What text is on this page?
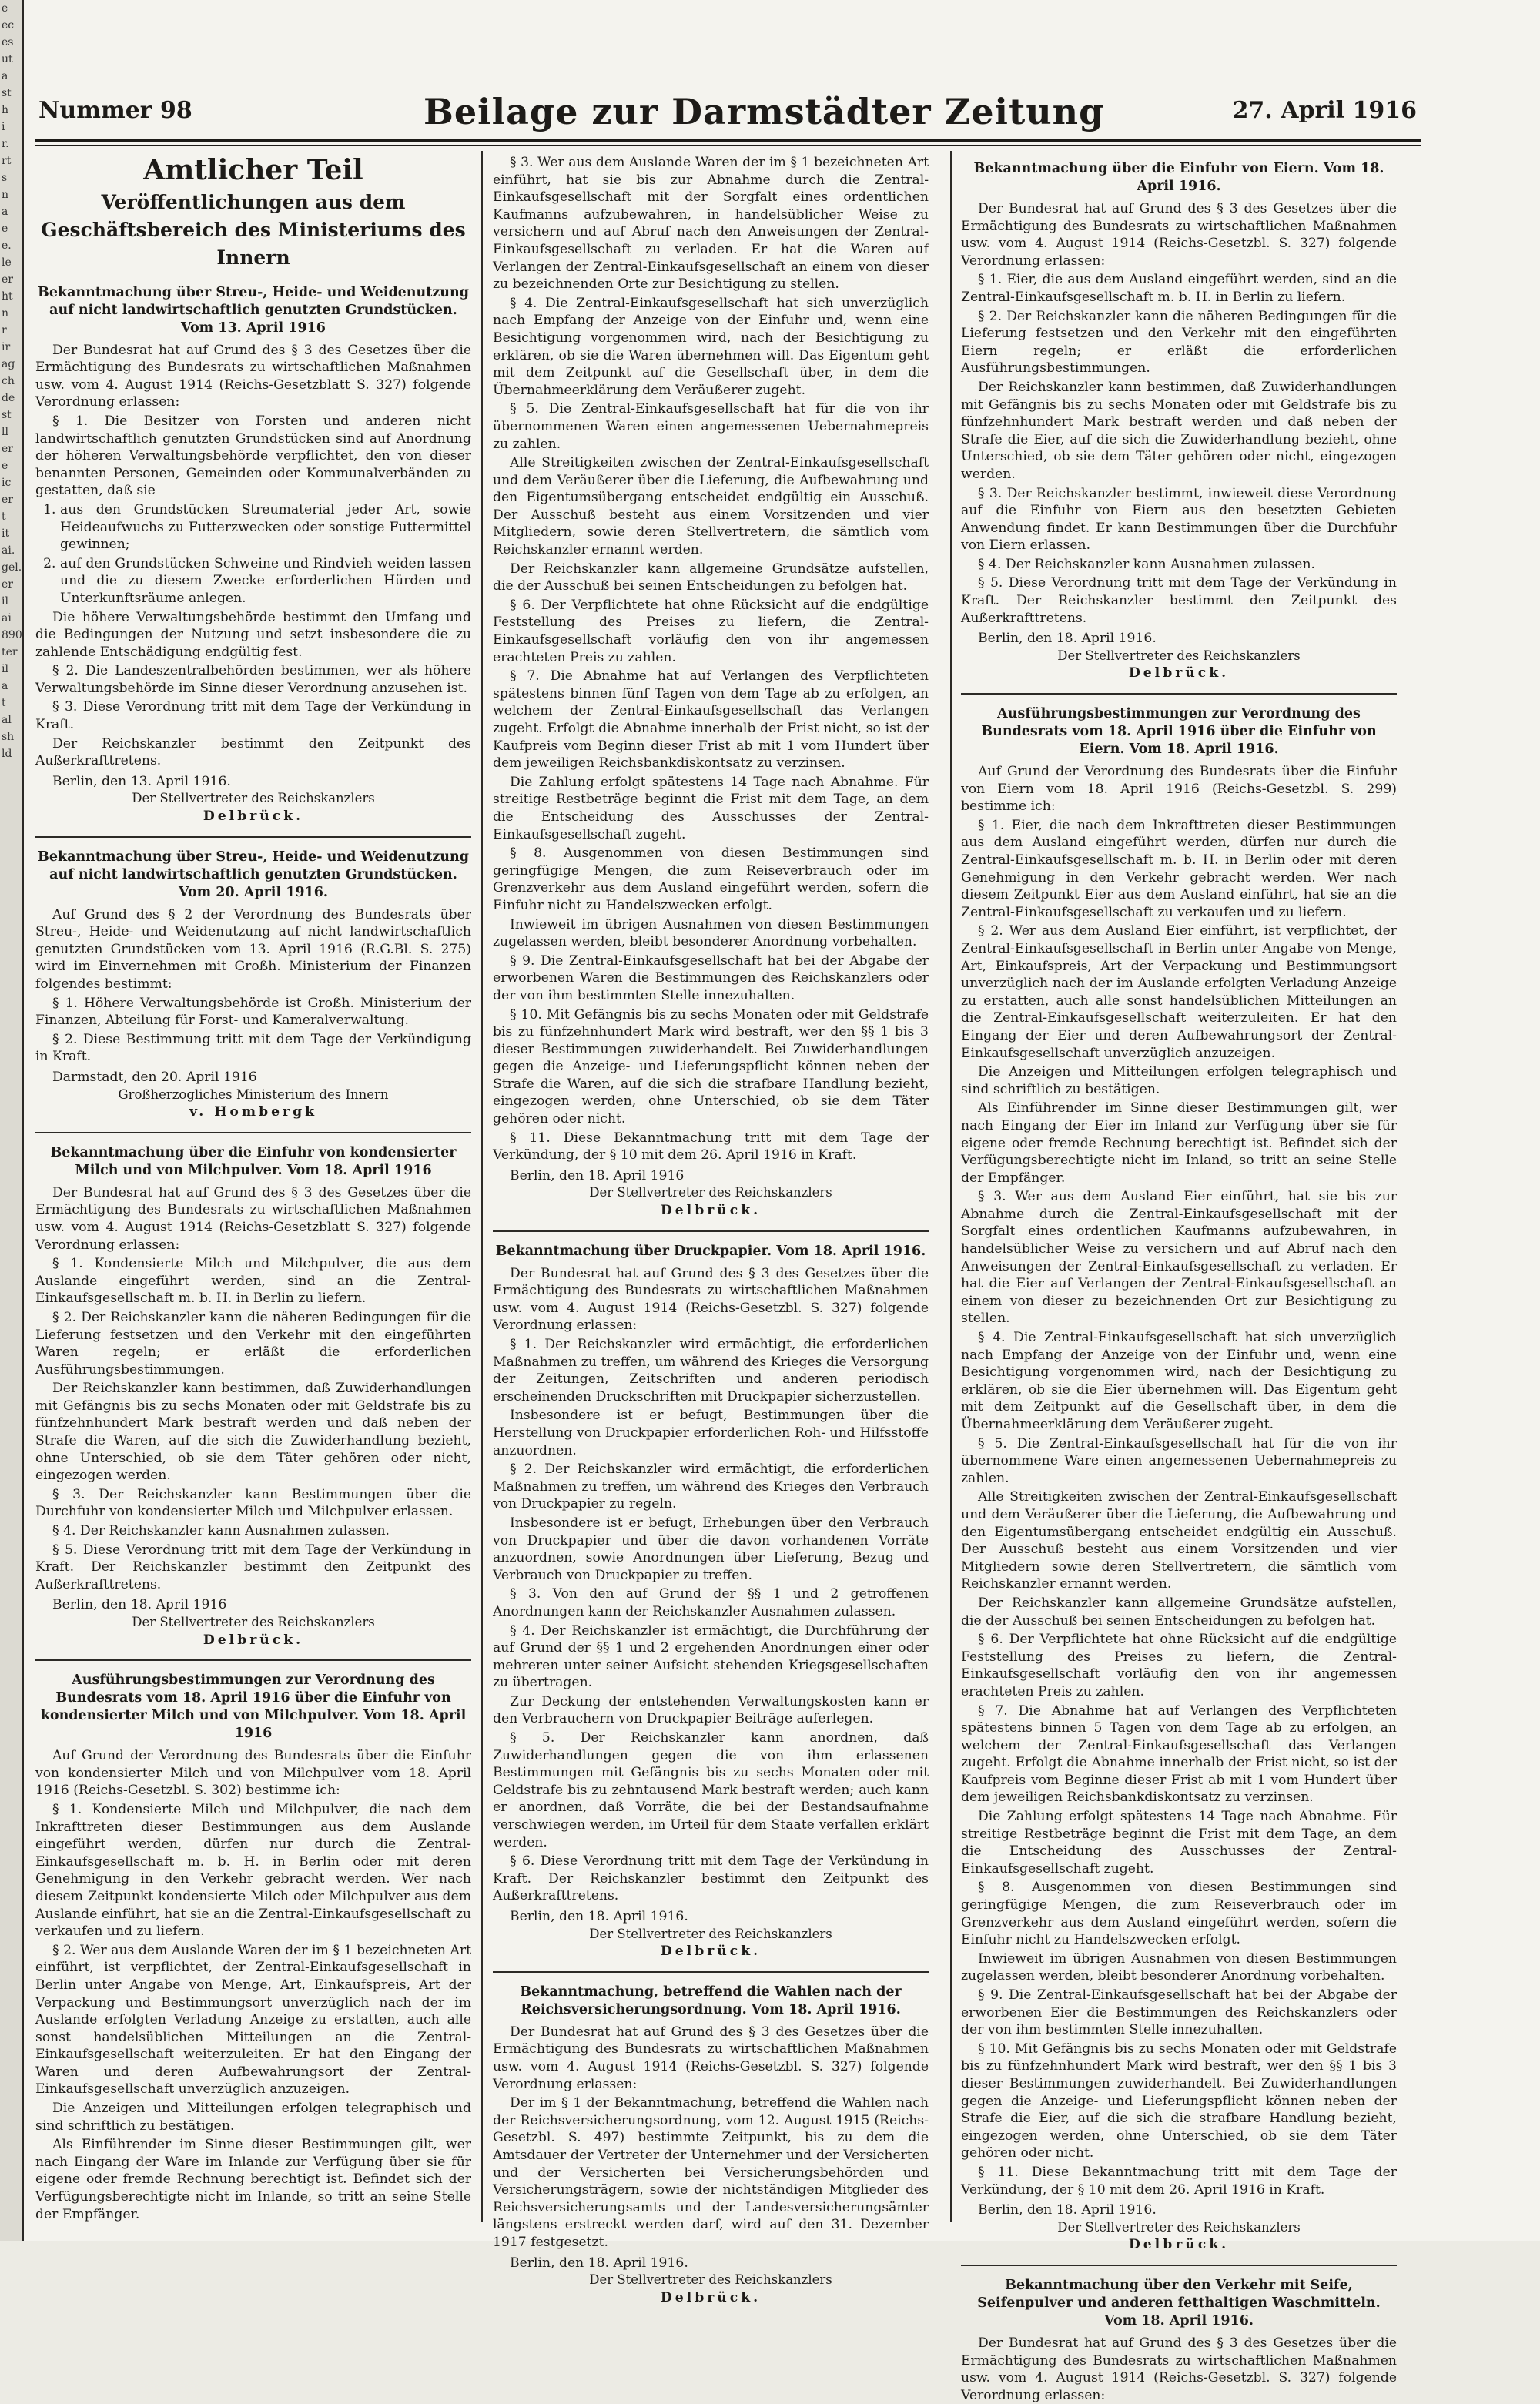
e
ec
es
ut
a
st
h
i
r.
rt
s
n
a
e
e.
le
er
ht
n
r
ir
ag
ch
de
st
ll
er
e
ic
er
t
it
ai.
gel.
er
il
ai
890
ter
il
a
t
al
sh
ld
Nummer 98	Beilage zur Darmstädter Zeitung	27. April 1916
Amtlicher Teil
Veröffentlichungen aus dem Geschäftsbereich des Ministeriums des Innern
Bekanntmachung über Streu-, Heide- und Weidenutzung auf nicht landwirtschaftlich genutzten Grundstücken. Vom 13. April 1916

Der Bundesrat hat auf Grund des § 3 des Gesetzes über die Ermächtigung des Bundesrats zu wirtschaftlichen Maßnahmen usw. vom 4. August 1914 (Reichs-Gesetzblatt S. 327) folgende Verordnung erlassen:

§ 1. Die Besitzer von Forsten und anderen nicht landwirtschaftlich genutzten Grundstücken sind auf Anordnung der höheren Verwaltungsbehörde verpflichtet, den von dieser benannten Personen, Gemeinden oder Kommunalverbänden zu gestatten, daß sie

1. aus den Grundstücken Streumaterial jeder Art, sowie Heideaufwuchs zu Futterzwecken oder sonstige Futtermittel gewinnen;
2. auf den Grundstücken Schweine und Rindvieh weiden lassen und die zu diesem Zwecke erforderlichen Hürden und Unterkunftsräume anlegen.

Die höhere Verwaltungsbehörde bestimmt den Umfang und die Bedingungen der Nutzung und setzt insbesondere die zu zahlende Entschädigung endgültig fest.

§ 2. Die Landeszentralbehörden bestimmen, wer als höhere Verwaltungsbehörde im Sinne dieser Verordnung anzusehen ist.

§ 3. Diese Verordnung tritt mit dem Tage der Verkündung in Kraft.

Der Reichskanzler bestimmt den Zeitpunkt des Außerkrafttretens.

Berlin, den 13. April 1916.

Der Stellvertreter des Reichskanzlers

Delbrück.

Bekanntmachung über Streu-, Heide- und Weidenutzung auf nicht landwirtschaftlich genutzten Grundstücken. Vom 20. April 1916.

Auf Grund des § 2 der Verordnung des Bundesrats über Streu-, Heide- und Weidenutzung auf nicht landwirtschaftlich genutzten Grundstücken vom 13. April 1916 (R.G.Bl. S. 275) wird im Einvernehmen mit Großh. Ministerium der Finanzen folgendes bestimmt:

§ 1. Höhere Verwaltungsbehörde ist Großh. Ministerium der Finanzen, Abteilung für Forst- und Kameralverwaltung.

§ 2. Diese Bestimmung tritt mit dem Tage der Verkündigung in Kraft.

Darmstadt, den 20. April 1916

Großherzogliches Ministerium des Innern

v. Hombergk

Bekanntmachung über die Einfuhr von kondensierter Milch und von Milchpulver. Vom 18. April 1916

Der Bundesrat hat auf Grund des § 3 des Gesetzes über die Ermächtigung des Bundesrats zu wirtschaftlichen Maßnahmen usw. vom 4. August 1914 (Reichs-Gesetzblatt S. 327) folgende Verordnung erlassen:

§ 1. Kondensierte Milch und Milchpulver, die aus dem Auslande eingeführt werden, sind an die Zentral-Einkaufsgesellschaft m. b. H. in Berlin zu liefern.

§ 2. Der Reichskanzler kann die näheren Bedingungen für die Lieferung festsetzen und den Verkehr mit den eingeführten Waren regeln; er erläßt die erforderlichen Ausführungsbestimmungen.

Der Reichskanzler kann bestimmen, daß Zuwiderhandlungen mit Gefängnis bis zu sechs Monaten oder mit Geldstrafe bis zu fünfzehnhundert Mark bestraft werden und daß neben der Strafe die Waren, auf die sich die Zuwiderhandlung bezieht, ohne Unterschied, ob sie dem Täter gehören oder nicht, eingezogen werden.

§ 3. Der Reichskanzler kann Bestimmungen über die Durchfuhr von kondensierter Milch und Milchpulver erlassen.

§ 4. Der Reichskanzler kann Ausnahmen zulassen.

§ 5. Diese Verordnung tritt mit dem Tage der Verkündung in Kraft. Der Reichskanzler bestimmt den Zeitpunkt des Außerkrafttretens.

Berlin, den 18. April 1916

Der Stellvertreter des Reichskanzlers

Delbrück.

Ausführungsbestimmungen zur Verordnung des Bundesrats vom 18. April 1916 über die Einfuhr von kondensierter Milch und von Milchpulver. Vom 18. April 1916

Auf Grund der Verordnung des Bundesrats über die Einfuhr von kondensierter Milch und von Milchpulver vom 18. April 1916 (Reichs-Gesetzbl. S. 302) bestimme ich:

§ 1. Kondensierte Milch und Milchpulver, die nach dem Inkrafttreten dieser Bestimmungen aus dem Auslande eingeführt werden, dürfen nur durch die Zentral-Einkaufsgesellschaft m. b. H. in Berlin oder mit deren Genehmigung in den Verkehr gebracht werden. Wer nach diesem Zeitpunkt kondensierte Milch oder Milchpulver aus dem Auslande einführt, hat sie an die Zentral-Einkaufsgesellschaft zu verkaufen und zu liefern.

§ 2. Wer aus dem Auslande Waren der im § 1 bezeichneten Art einführt, ist verpflichtet, der Zentral-Einkaufsgesellschaft in Berlin unter Angabe von Menge, Art, Einkaufspreis, Art der Verpackung und Bestimmungsort unverzüglich nach der im Auslande erfolgten Verladung Anzeige zu erstatten, auch alle sonst handelsüblichen Mitteilungen an die Zentral-Einkaufsgesellschaft weiterzuleiten. Er hat den Eingang der Waren und deren Aufbewahrungsort der Zentral-Einkaufsgesellschaft unverzüglich anzuzeigen.

Die Anzeigen und Mitteilungen erfolgen telegraphisch und sind schriftlich zu bestätigen.

Als Einführender im Sinne dieser Bestimmungen gilt, wer nach Eingang der Ware im Inlande zur Verfügung über sie für eigene oder fremde Rechnung berechtigt ist. Befindet sich der Verfügungsberechtigte nicht im Inlande, so tritt an seine Stelle der Empfänger.

§ 3. Wer aus dem Auslande Waren der im § 1 bezeichneten Art einführt, hat sie bis zur Abnahme durch die Zentral-Einkaufsgesellschaft mit der Sorgfalt eines ordentlichen Kaufmanns aufzubewahren, in handelsüblicher Weise zu versichern und auf Abruf nach den Anweisungen der Zentral-Einkaufsgesellschaft zu verladen. Er hat die Waren auf Verlangen der Zentral-Einkaufsgesellschaft an einem von dieser zu bezeichnenden Orte zur Besichtigung zu stellen.

§ 4. Die Zentral-Einkaufsgesellschaft hat sich unverzüglich nach Empfang der Anzeige von der Einfuhr und, wenn eine Besichtigung vorgenommen wird, nach der Besichtigung zu erklären, ob sie die Waren übernehmen will. Das Eigentum geht mit dem Zeitpunkt auf die Gesellschaft über, in dem die Übernahmeerklärung dem Veräußerer zugeht.

§ 5. Die Zentral-Einkaufsgesellschaft hat für die von ihr übernommenen Waren einen angemessenen Uebernahmepreis zu zahlen.

Alle Streitigkeiten zwischen der Zentral-Einkaufsgesellschaft und dem Veräußerer über die Lieferung, die Aufbewahrung und den Eigentumsübergang entscheidet endgültig ein Ausschuß. Der Ausschuß besteht aus einem Vorsitzenden und vier Mitgliedern, sowie deren Stellvertretern, die sämtlich vom Reichskanzler ernannt werden.

Der Reichskanzler kann allgemeine Grundsätze aufstellen, die der Ausschuß bei seinen Entscheidungen zu befolgen hat.

§ 6. Der Verpflichtete hat ohne Rücksicht auf die endgültige Feststellung des Preises zu liefern, die Zentral-Einkaufsgesellschaft vorläufig den von ihr angemessen erachteten Preis zu zahlen.

§ 7. Die Abnahme hat auf Verlangen des Verpflichteten spätestens binnen fünf Tagen von dem Tage ab zu erfolgen, an welchem der Zentral-Einkaufsgesellschaft das Verlangen zugeht. Erfolgt die Abnahme innerhalb der Frist nicht, so ist der Kaufpreis vom Beginn dieser Frist ab mit 1 vom Hundert über dem jeweiligen Reichsbankdiskontsatz zu verzinsen.

Die Zahlung erfolgt spätestens 14 Tage nach Abnahme. Für streitige Restbeträge beginnt die Frist mit dem Tage, an dem die Entscheidung des Ausschusses der Zentral-Einkaufsgesellschaft zugeht.

§ 8. Ausgenommen von diesen Bestimmungen sind geringfügige Mengen, die zum Reiseverbrauch oder im Grenzverkehr aus dem Ausland eingeführt werden, sofern die Einfuhr nicht zu Handelszwecken erfolgt.

Inwieweit im übrigen Ausnahmen von diesen Bestimmungen zugelassen werden, bleibt besonderer Anordnung vorbehalten.

§ 9. Die Zentral-Einkaufsgesellschaft hat bei der Abgabe der erworbenen Waren die Bestimmungen des Reichskanzlers oder der von ihm bestimmten Stelle innezuhalten.

§ 10. Mit Gefängnis bis zu sechs Monaten oder mit Geldstrafe bis zu fünfzehnhundert Mark wird bestraft, wer den §§ 1 bis 3 dieser Bestimmungen zuwiderhandelt. Bei Zuwiderhandlungen gegen die Anzeige- und Lieferungspflicht können neben der Strafe die Waren, auf die sich die strafbare Handlung bezieht, eingezogen werden, ohne Unterschied, ob sie dem Täter gehören oder nicht.

§ 11. Diese Bekanntmachung tritt mit dem Tage der Verkündung, der § 10 mit dem 26. April 1916 in Kraft.

Berlin, den 18. April 1916

Der Stellvertreter des Reichskanzlers

Delbrück.

Bekanntmachung über Druckpapier. Vom 18. April 1916.

Der Bundesrat hat auf Grund des § 3 des Gesetzes über die Ermächtigung des Bundesrats zu wirtschaftlichen Maßnahmen usw. vom 4. August 1914 (Reichs-Gesetzbl. S. 327) folgende Verordnung erlassen:

§ 1. Der Reichskanzler wird ermächtigt, die erforderlichen Maßnahmen zu treffen, um während des Krieges die Versorgung der Zeitungen, Zeitschriften und anderen periodisch erscheinenden Druckschriften mit Druckpapier sicherzustellen.

Insbesondere ist er befugt, Bestimmungen über die Herstellung von Druckpapier erforderlichen Roh- und Hilfsstoffe anzuordnen.

§ 2. Der Reichskanzler wird ermächtigt, die erforderlichen Maßnahmen zu treffen, um während des Krieges den Verbrauch von Druckpapier zu regeln.

Insbesondere ist er befugt, Erhebungen über den Verbrauch von Druckpapier und über die davon vorhandenen Vorräte anzuordnen, sowie Anordnungen über Lieferung, Bezug und Verbrauch von Druckpapier zu treffen.

§ 3. Von den auf Grund der §§ 1 und 2 getroffenen Anordnungen kann der Reichskanzler Ausnahmen zulassen.

§ 4. Der Reichskanzler ist ermächtigt, die Durchführung der auf Grund der §§ 1 und 2 ergehenden Anordnungen einer oder mehreren unter seiner Aufsicht stehenden Kriegsgesellschaften zu übertragen.

Zur Deckung der entstehenden Verwaltungskosten kann er den Verbrauchern von Druckpapier Beiträge auferlegen.

§ 5. Der Reichskanzler kann anordnen, daß Zuwiderhandlungen gegen die von ihm erlassenen Bestimmungen mit Gefängnis bis zu sechs Monaten oder mit Geldstrafe bis zu zehntausend Mark bestraft werden; auch kann er anordnen, daß Vorräte, die bei der Bestandsaufnahme verschwiegen werden, im Urteil für dem Staate verfallen erklärt werden.

§ 6. Diese Verordnung tritt mit dem Tage der Verkündung in Kraft. Der Reichskanzler bestimmt den Zeitpunkt des Außerkrafttretens.

Berlin, den 18. April 1916.

Der Stellvertreter des Reichskanzlers

Delbrück.

Bekanntmachung, betreffend die Wahlen nach der Reichsversicherungsordnung. Vom 18. April 1916.

Der Bundesrat hat auf Grund des § 3 des Gesetzes über die Ermächtigung des Bundesrats zu wirtschaftlichen Maßnahmen usw. vom 4. August 1914 (Reichs-Gesetzbl. S. 327) folgende Verordnung erlassen:

Der im § 1 der Bekanntmachung, betreffend die Wahlen nach der Reichsversicherungsordnung, vom 12. August 1915 (Reichs-Gesetzbl. S. 497) bestimmte Zeitpunkt, bis zu dem die Amtsdauer der Vertreter der Unternehmer und der Versicherten und der Versicherten bei Versicherungsbehörden und Versicherungsträgern, sowie der nichtständigen Mitglieder des Reichsversicherungsamts und der Landesversicherungsämter längstens erstreckt werden darf, wird auf den 31. Dezember 1917 festgesetzt.

Berlin, den 18. April 1916.

Der Stellvertreter des Reichskanzlers

Delbrück.

Bekanntmachung über die Einfuhr von Eiern. Vom 18. April 1916.

Der Bundesrat hat auf Grund des § 3 des Gesetzes über die Ermächtigung des Bundesrats zu wirtschaftlichen Maßnahmen usw. vom 4. August 1914 (Reichs-Gesetzbl. S. 327) folgende Verordnung erlassen:

§ 1. Eier, die aus dem Ausland eingeführt werden, sind an die Zentral-Einkaufsgesellschaft m. b. H. in Berlin zu liefern.

§ 2. Der Reichskanzler kann die näheren Bedingungen für die Lieferung festsetzen und den Verkehr mit den eingeführten Eiern regeln; er erläßt die erforderlichen Ausführungsbestimmungen.

Der Reichskanzler kann bestimmen, daß Zuwiderhandlungen mit Gefängnis bis zu sechs Monaten oder mit Geldstrafe bis zu fünfzehnhundert Mark bestraft werden und daß neben der Strafe die Eier, auf die sich die Zuwiderhandlung bezieht, ohne Unterschied, ob sie dem Täter gehören oder nicht, eingezogen werden.

§ 3. Der Reichskanzler bestimmt, inwieweit diese Verordnung auf die Einfuhr von Eiern aus den besetzten Gebieten Anwendung findet. Er kann Bestimmungen über die Durchfuhr von Eiern erlassen.

§ 4. Der Reichskanzler kann Ausnahmen zulassen.

§ 5. Diese Verordnung tritt mit dem Tage der Verkündung in Kraft. Der Reichskanzler bestimmt den Zeitpunkt des Außerkrafttretens.

Berlin, den 18. April 1916.

Der Stellvertreter des Reichskanzlers

Delbrück.

Ausführungsbestimmungen zur Verordnung des Bundesrats vom 18. April 1916 über die Einfuhr von Eiern. Vom 18. April 1916.

Auf Grund der Verordnung des Bundesrats über die Einfuhr von Eiern vom 18. April 1916 (Reichs-Gesetzbl. S. 299) bestimme ich:

§ 1. Eier, die nach dem Inkrafttreten dieser Bestimmungen aus dem Ausland eingeführt werden, dürfen nur durch die Zentral-Einkaufsgesellschaft m. b. H. in Berlin oder mit deren Genehmigung in den Verkehr gebracht werden. Wer nach diesem Zeitpunkt Eier aus dem Ausland einführt, hat sie an die Zentral-Einkaufsgesellschaft zu verkaufen und zu liefern.

§ 2. Wer aus dem Ausland Eier einführt, ist verpflichtet, der Zentral-Einkaufsgesellschaft in Berlin unter Angabe von Menge, Art, Einkaufspreis, Art der Verpackung und Bestimmungsort unverzüglich nach der im Auslande erfolgten Verladung Anzeige zu erstatten, auch alle sonst handelsüblichen Mitteilungen an die Zentral-Einkaufsgesellschaft weiterzuleiten. Er hat den Eingang der Eier und deren Aufbewahrungsort der Zentral-Einkaufsgesellschaft unverzüglich anzuzeigen.

Die Anzeigen und Mitteilungen erfolgen telegraphisch und sind schriftlich zu bestätigen.

Als Einführender im Sinne dieser Bestimmungen gilt, wer nach Eingang der Eier im Inland zur Verfügung über sie für eigene oder fremde Rechnung berechtigt ist. Befindet sich der Verfügungsberechtigte nicht im Inland, so tritt an seine Stelle der Empfänger.

§ 3. Wer aus dem Ausland Eier einführt, hat sie bis zur Abnahme durch die Zentral-Einkaufsgesellschaft mit der Sorgfalt eines ordentlichen Kaufmanns aufzubewahren, in handelsüblicher Weise zu versichern und auf Abruf nach den Anweisungen der Zentral-Einkaufsgesellschaft zu verladen. Er hat die Eier auf Verlangen der Zentral-Einkaufsgesellschaft an einem von dieser zu bezeichnenden Ort zur Besichtigung zu stellen.

§ 4. Die Zentral-Einkaufsgesellschaft hat sich unverzüglich nach Empfang der Anzeige von der Einfuhr und, wenn eine Besichtigung vorgenommen wird, nach der Besichtigung zu erklären, ob sie die Eier übernehmen will. Das Eigentum geht mit dem Zeitpunkt auf die Gesellschaft über, in dem die Übernahmeerklärung dem Veräußerer zugeht.

§ 5. Die Zentral-Einkaufsgesellschaft hat für die von ihr übernommene Ware einen angemessenen Uebernahmepreis zu zahlen.

Alle Streitigkeiten zwischen der Zentral-Einkaufsgesellschaft und dem Veräußerer über die Lieferung, die Aufbewahrung und den Eigentumsübergang entscheidet endgültig ein Ausschuß. Der Ausschuß besteht aus einem Vorsitzenden und vier Mitgliedern sowie deren Stellvertretern, die sämtlich vom Reichskanzler ernannt werden.

Der Reichskanzler kann allgemeine Grundsätze aufstellen, die der Ausschuß bei seinen Entscheidungen zu befolgen hat.

§ 6. Der Verpflichtete hat ohne Rücksicht auf die endgültige Feststellung des Preises zu liefern, die Zentral-Einkaufsgesellschaft vorläufig den von ihr angemessen erachteten Preis zu zahlen.

§ 7. Die Abnahme hat auf Verlangen des Verpflichteten spätestens binnen 5 Tagen von dem Tage ab zu erfolgen, an welchem der Zentral-Einkaufsgesellschaft das Verlangen zugeht. Erfolgt die Abnahme innerhalb der Frist nicht, so ist der Kaufpreis vom Beginne dieser Frist ab mit 1 vom Hundert über dem jeweiligen Reichsbankdiskontsatz zu verzinsen.

Die Zahlung erfolgt spätestens 14 Tage nach Abnahme. Für streitige Restbeträge beginnt die Frist mit dem Tage, an dem die Entscheidung des Ausschusses der Zentral-Einkaufsgesellschaft zugeht.

§ 8. Ausgenommen von diesen Bestimmungen sind geringfügige Mengen, die zum Reiseverbrauch oder im Grenzverkehr aus dem Ausland eingeführt werden, sofern die Einfuhr nicht zu Handelszwecken erfolgt.

Inwieweit im übrigen Ausnahmen von diesen Bestimmungen zugelassen werden, bleibt besonderer Anordnung vorbehalten.

§ 9. Die Zentral-Einkaufsgesellschaft hat bei der Abgabe der erworbenen Eier die Bestimmungen des Reichskanzlers oder der von ihm bestimmten Stelle innezuhalten.

§ 10. Mit Gefängnis bis zu sechs Monaten oder mit Geldstrafe bis zu fünfzehnhundert Mark wird bestraft, wer den §§ 1 bis 3 dieser Bestimmungen zuwiderhandelt. Bei Zuwiderhandlungen gegen die Anzeige- und Lieferungspflicht können neben der Strafe die Eier, auf die sich die strafbare Handlung bezieht, eingezogen werden, ohne Unterschied, ob sie dem Täter gehören oder nicht.

§ 11. Diese Bekanntmachung tritt mit dem Tage der Verkündung, der § 10 mit dem 26. April 1916 in Kraft.

Berlin, den 18. April 1916.

Der Stellvertreter des Reichskanzlers

Delbrück.

Bekanntmachung über den Verkehr mit Seife, Seifenpulver und anderen fetthaltigen Waschmitteln. Vom 18. April 1916.

Der Bundesrat hat auf Grund des § 3 des Gesetzes über die Ermächtigung des Bundesrats zu wirtschaftlichen Maßnahmen usw. vom 4. August 1914 (Reichs-Gesetzbl. S. 327) folgende Verordnung erlassen:
